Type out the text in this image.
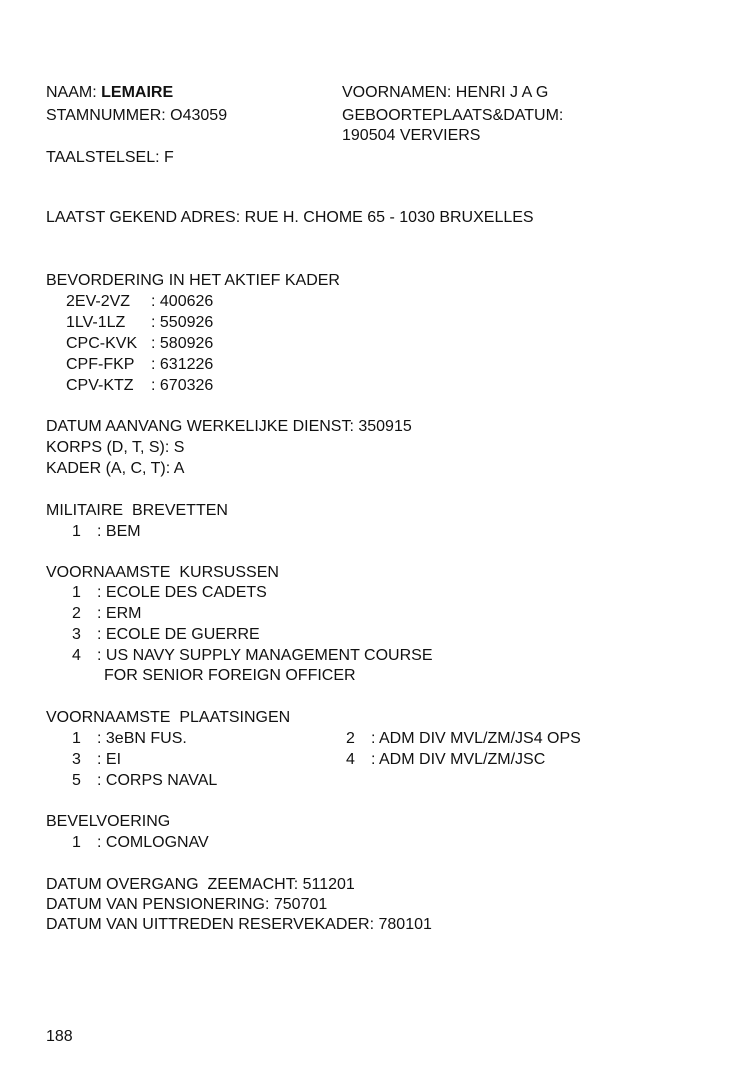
NAAM: LEMAIRE
STAMNUMMER: O43059
TAALSTELSEL: F
VOORNAMEN: HENRI J A G
GEBOORTEPLAATS&DATUM:
190504 VERVIERS
LAATST GEKEND ADRES: RUE H. CHOME 65 - 1030 BRUXELLES
BEVORDERING IN HET AKTIEF KADER
2EV-2VZ : 400626
1LV-1LZ : 550926
CPC-KVK : 580926
CPF-FKP : 631226
CPV-KTZ : 670326
DATUM AANVANG WERKELIJKE DIENST: 350915
KORPS (D, T, S): S
KADER (A, C, T): A
MILITAIRE  BREVETTEN
1 : BEM
VOORNAAMSTE  KURSUSSEN
1 : ECOLE DES CADETS
2 : ERM
3 : ECOLE DE GUERRE
4 : US NAVY SUPPLY MANAGEMENT COURSE
FOR SENIOR FOREIGN OFFICER
VOORNAAMSTE  PLAATSINGEN
1 : 3eBN FUS.
3 : EI
5 : CORPS NAVAL
2 : ADM DIV MVL/ZM/JS4 OPS
4 : ADM DIV MVL/ZM/JSC
BEVELVOERING
1 : COMLOGNAV
DATUM OVERGANG  ZEEMACHT: 511201
DATUM VAN PENSIONERING: 750701
DATUM VAN UITTREDEN RESERVEKADER: 780101
188
